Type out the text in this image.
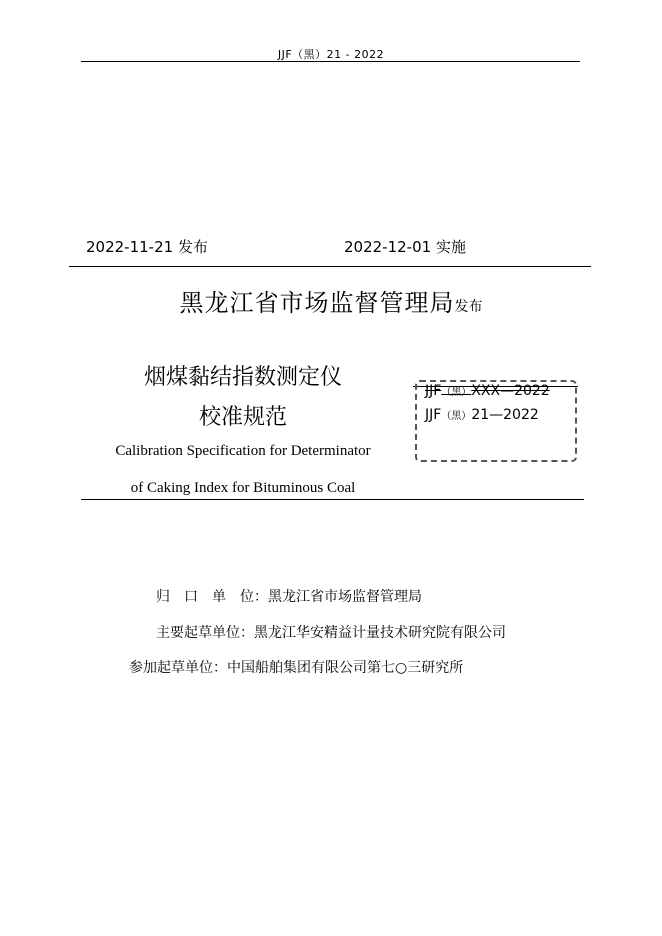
JJF（黑）21 - 2022
2022-11-21 发布	2022-12-01 实施
黑龙江省市场监督管理局发布
烟煤黏结指数测定仪
校准规范
Calibration Specification for Determinator
of Caking Index for Bituminous Coal
JJF（黑）XXX—2022
JJF（黑）21—2022
归　口　单　位：黑龙江省市场监督管理局
主要起草单位：黑龙江华安精益计量技术研究院有限公司
参加起草单位：中国船舶集团有限公司第七○三研究所
